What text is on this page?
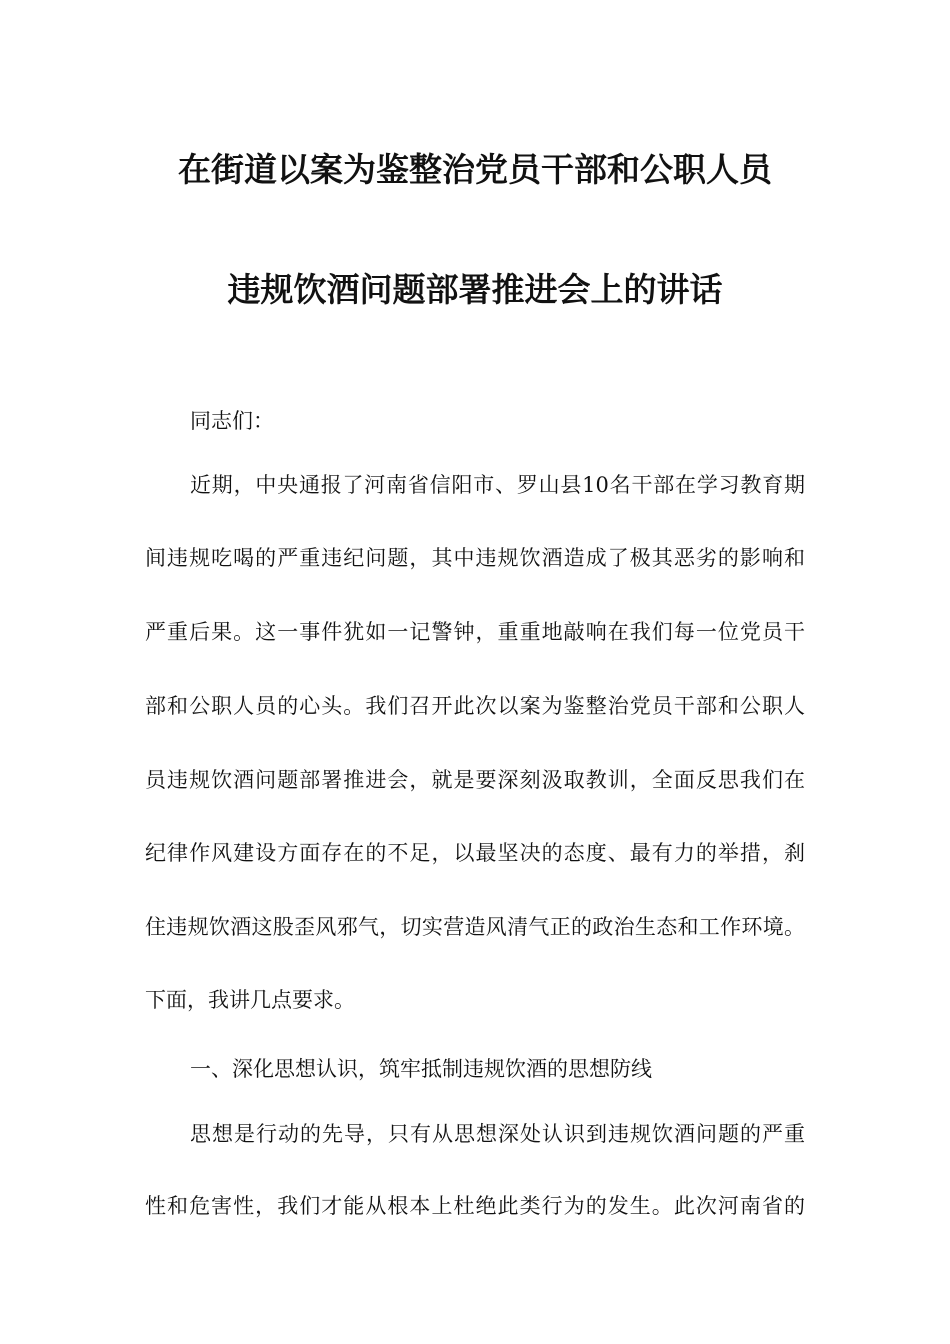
在街道以案为鉴整治党员干部和公职人员
违规饮酒问题部署推进会上的讲话
同志们：
近期，中央通报了河南省信阳市、罗山县10名干部在学习教育期
间违规吃喝的严重违纪问题，其中违规饮酒造成了极其恶劣的影响和
严重后果。这一事件犹如一记警钟，重重地敲响在我们每一位党员干
部和公职人员的心头。我们召开此次以案为鉴整治党员干部和公职人
员违规饮酒问题部署推进会，就是要深刻汲取教训，全面反思我们在
纪律作风建设方面存在的不足，以最坚决的态度、最有力的举措，刹
住违规饮酒这股歪风邪气，切实营造风清气正的政治生态和工作环境。
下面，我讲几点要求。
一、深化思想认识，筑牢抵制违规饮酒的思想防线
思想是行动的先导，只有从思想深处认识到违规饮酒问题的严重
性和危害性，我们才能从根本上杜绝此类行为的发生。此次河南省的
